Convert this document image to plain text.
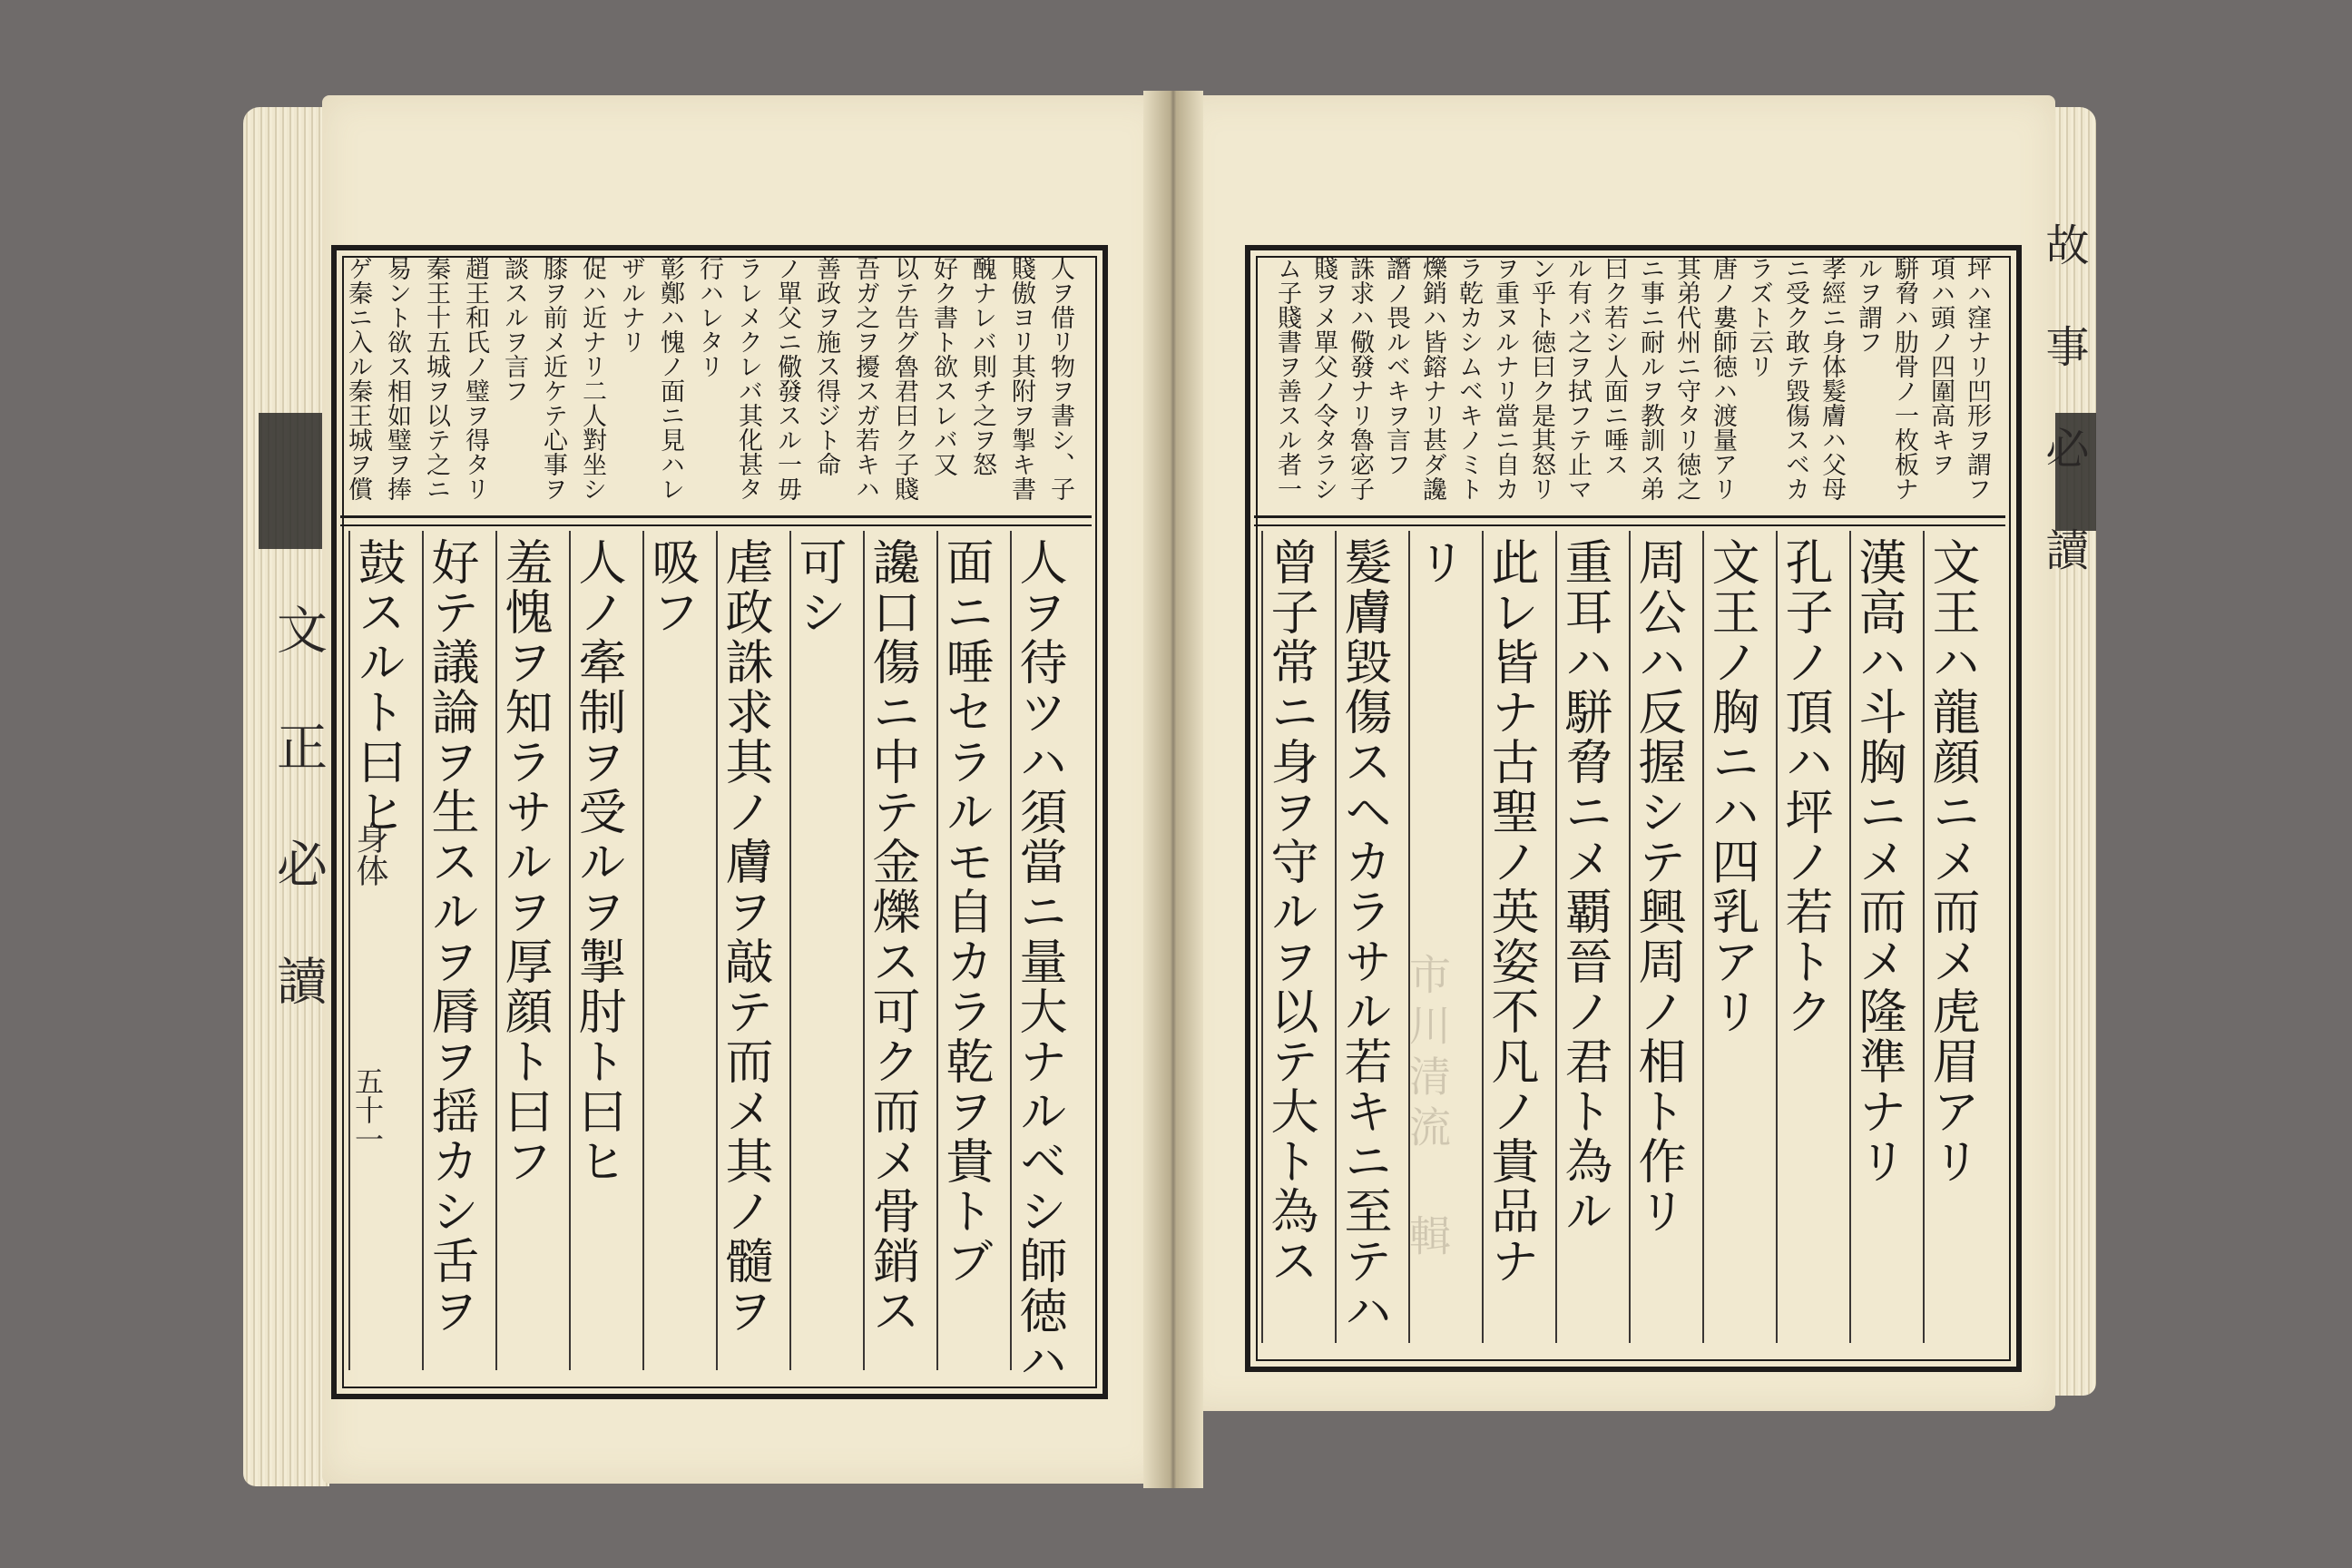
文 正 必 讀 身体
五十一
故 事 必 讀
人ヲ借リ物ヲ書シ、子
賤傲ヨリ其附ヲ掣キ書
醜ナレバ則チ之ヲ怒
好ク書ト欲スレバ又
以テ告グ魯君曰ク子賤
吾ガ之ヲ擾スガ若キハ
善政ヲ施ス得ジト命
ノ單父ニ儆發スル一毋
ラレメクレバ其化甚タ
行ハレタリ
彰鄭ハ愧ノ面ニ見ハレ
ザルナリ
促ハ近ナリ二人對坐シ
膝ヲ前メ近ケテ心事ヲ
談スルヲ言フ
趙王和氏ノ璧ヲ得タリ
秦王十五城ヲ以テ之ニ
易ント欲ス相如璧ヲ捧
ゲ秦ニ入ル秦王城ヲ償
人ヲ待ツハ須當ニ量大ナルベシ師徳ハ
面ニ唾セラルモ自カラ乾ヲ貴トブ
讒口傷ニ中テ金爍ス可ク而メ骨銷ス
可シ
虐政誅求其ノ膚ヲ敲テ而メ其ノ髓ヲ
吸フ
人ノ牽制ヲ受ルヲ掣肘ト曰ヒ
羞愧ヲ知ラサルヲ厚顔ト曰フ
好テ議論ヲ生スルヲ脣ヲ揺カシ舌ヲ
鼓スルト曰ヒ
坪ハ窪ナリ凹形ヲ謂フ
項ハ頭ノ四圍高キヲ
駢脅ハ肋骨ノ一枚板ナ
ルヲ謂フ
孝經ニ身体髮膚ハ父母
ニ受ク敢テ毀傷スベカ
ラズト云リ
唐ノ婁師徳ハ渡量アリ
其弟代州ニ守タリ徳之
ニ事ニ耐ルヲ教訓ス弟
曰ク若シ人面ニ唾ス
ル有バ之ヲ拭フテ止マ
ン乎ト徳曰ク是其怒リ
ヲ重ヌルナリ當ニ自カ
ラ乾カシムベキノミト
爍銷ハ皆鎔ナリ甚ダ讒
譖ノ畏ルベキヲ言フ
誅求ハ儆發ナリ魯宓子
賤ヲメ單父ノ令タラシ
ム子賤書ヲ善スル者一
文王ハ龍顔ニメ而メ虎眉アリ
漢高ハ斗胸ニメ而メ隆準ナリ
孔子ノ頂ハ坪ノ若トク
文王ノ胸ニハ四乳アリ
周公ハ反握シテ興周ノ相ト作リ
重耳ハ駢脅ニメ覇晉ノ君ト為ル
此レ皆ナ古聖ノ英姿不凡ノ貴品ナ
リ
髮膚毀傷スヘカラサル若キニ至テハ
曾子常ニ身ヲ守ルヲ以テ大ト為ス 市川清流 輯
